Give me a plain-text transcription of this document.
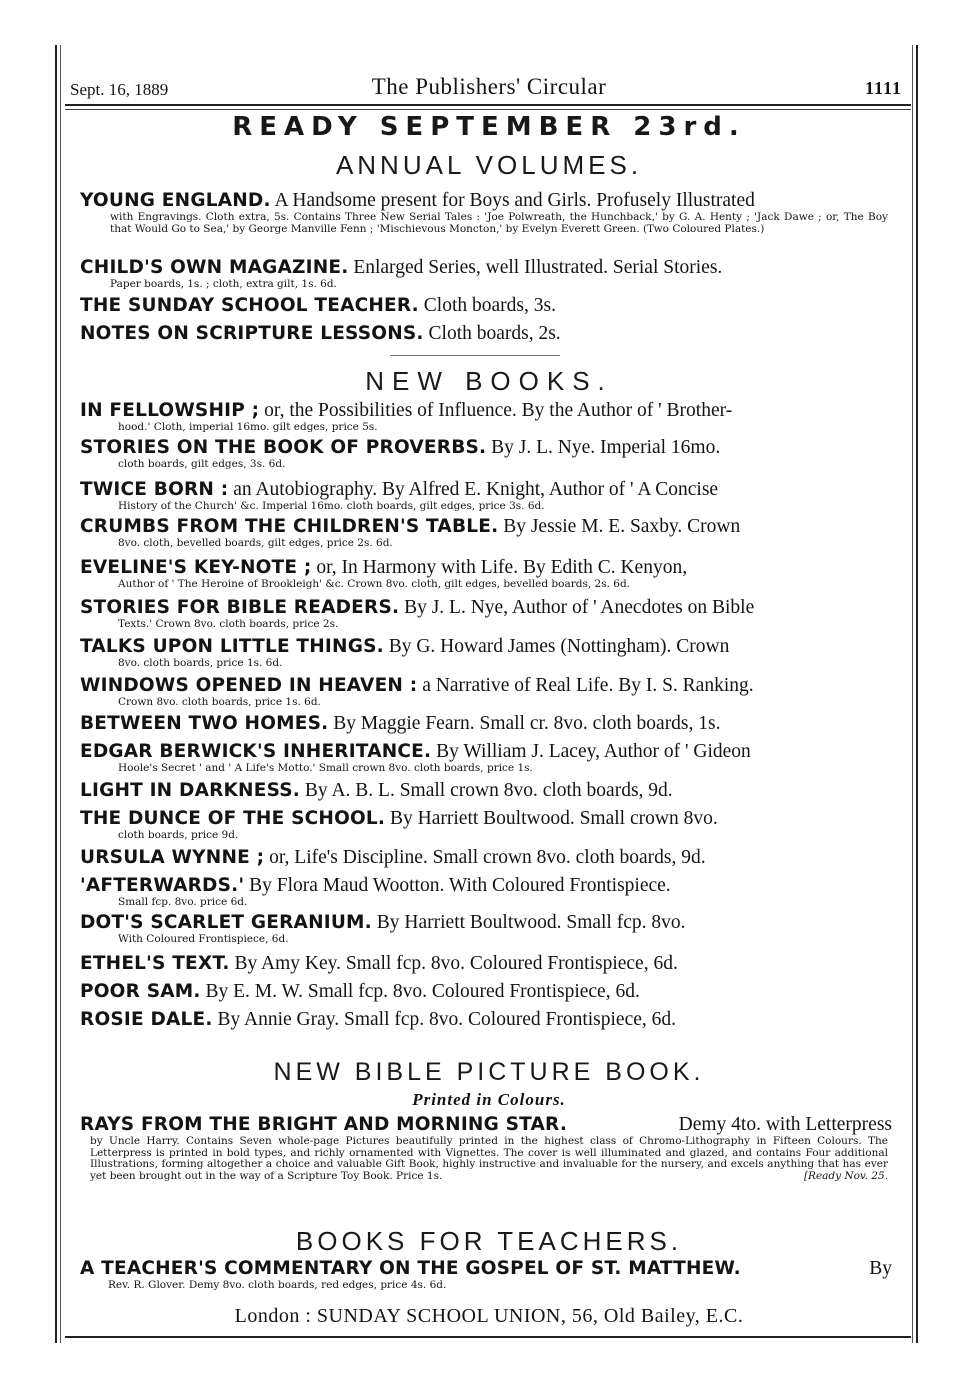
Sept. 16, 1889	The Publishers' Circular	1111
READY SEPTEMBER 23rd.
ANNUAL VOLUMES.
YOUNG ENGLAND. A Handsome present for Boys and Girls. Profusely Illustrated
with Engravings. Cloth extra, 5s. Contains Three New Serial Tales : 'Joe Polwreath, the Hunchback,' by G. A. Henty ; 'Jack Dawe ; or, The Boy that Would Go to Sea,' by George Manville Fenn ; 'Mischievous Moncton,' by Evelyn Everett Green. (Two Coloured Plates.)
CHILD'S OWN MAGAZINE. Enlarged Series, well Illustrated. Serial Stories.
Paper boards, 1s. ; cloth, extra gilt, 1s. 6d.
THE SUNDAY SCHOOL TEACHER. Cloth boards, 3s.
NOTES ON SCRIPTURE LESSONS. Cloth boards, 2s.
NEW BOOKS.
IN FELLOWSHIP ; or, the Possibilities of Influence. By the Author of ' Brother-
hood.' Cloth, imperial 16mo. gilt edges, price 5s.
STORIES ON THE BOOK OF PROVERBS. By J. L. Nye. Imperial 16mo.
cloth boards, gilt edges, 3s. 6d.
TWICE BORN : an Autobiography. By Alfred E. Knight, Author of ' A Concise
History of the Church' &c. Imperial 16mo. cloth boards, gilt edges, price 3s. 6d.
CRUMBS FROM THE CHILDREN'S TABLE. By Jessie M. E. Saxby. Crown
8vo. cloth, bevelled boards, gilt edges, price 2s. 6d.
EVELINE'S KEY-NOTE ; or, In Harmony with Life. By Edith C. Kenyon,
Author of ' The Heroine of Brookleigh' &c. Crown 8vo. cloth, gilt edges, bevelled boards, 2s. 6d.
STORIES FOR BIBLE READERS. By J. L. Nye, Author of ' Anecdotes on Bible
Texts.' Crown 8vo. cloth boards, price 2s.
TALKS UPON LITTLE THINGS. By G. Howard James (Nottingham). Crown
8vo. cloth boards, price 1s. 6d.
WINDOWS OPENED IN HEAVEN : a Narrative of Real Life. By I. S. Ranking.
Crown 8vo. cloth boards, price 1s. 6d.
BETWEEN TWO HOMES. By Maggie Fearn. Small cr. 8vo. cloth boards, 1s.
EDGAR BERWICK'S INHERITANCE. By William J. Lacey, Author of ' Gideon
Hoole's Secret ' and ' A Life's Motto.' Small crown 8vo. cloth boards, price 1s.
LIGHT IN DARKNESS. By A. B. L. Small crown 8vo. cloth boards, 9d.
THE DUNCE OF THE SCHOOL. By Harriett Boultwood. Small crown 8vo.
cloth boards, price 9d.
URSULA WYNNE ; or, Life's Discipline. Small crown 8vo. cloth boards, 9d.
'AFTERWARDS.' By Flora Maud Wootton. With Coloured Frontispiece.
Small fcp. 8vo. price 6d.
DOT'S SCARLET GERANIUM. By Harriett Boultwood. Small fcp. 8vo.
With Coloured Frontispiece, 6d.
ETHEL'S TEXT. By Amy Key. Small fcp. 8vo. Coloured Frontispiece, 6d.
POOR SAM. By E. M. W. Small fcp. 8vo. Coloured Frontispiece, 6d.
ROSIE DALE. By Annie Gray. Small fcp. 8vo. Coloured Frontispiece, 6d.
NEW BIBLE PICTURE BOOK.
Printed in Colours.
RAYS FROM THE BRIGHT AND MORNING STAR.	Demy 4to. with Letterpress
by Uncle Harry. Contains Seven whole-page Pictures beautifully printed in the highest class of Chromo-Lithography in Fifteen Colours. The Letterpress is printed in bold types, and richly ornamented with Vignettes. The cover is well illuminated and glazed, and contains Four additional Illustrations, forming altogether a choice and valuable Gift Book, highly instructive and invaluable for the nursery, and excels anything that has ever yet been brought out in the way of a Scripture Toy Book. Price 1s.	[Ready Nov. 25.
BOOKS FOR TEACHERS.
A TEACHER'S COMMENTARY ON THE GOSPEL OF ST. MATTHEW.	By
Rev. R. Glover. Demy 8vo. cloth boards, red edges, price 4s. 6d.
London : SUNDAY SCHOOL UNION, 56, Old Bailey, E.C.
